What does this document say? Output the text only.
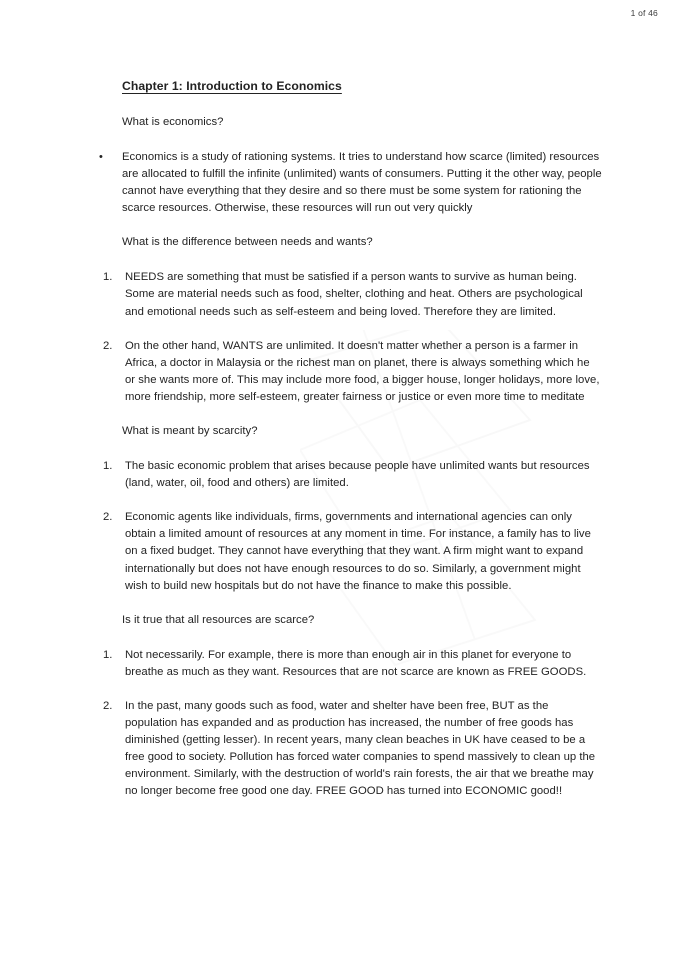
1 of 46
Chapter 1: Introduction to Economics
What is economics?
• Economics is a study of rationing systems. It tries to understand how scarce (limited) resources are allocated to fulfill the infinite (unlimited) wants of consumers. Putting it the other way, people cannot have everything that they desire and so there must be some system for rationing the scarce resources. Otherwise, these resources will run out very quickly
What is the difference between needs and wants?
1. NEEDS are something that must be satisfied if a person wants to survive as human being. Some are material needs such as food, shelter, clothing and heat. Others are psychological and emotional needs such as self-esteem and being loved. Therefore they are limited.
2. On the other hand, WANTS are unlimited. It doesn't matter whether a person is a farmer in Africa, a doctor in Malaysia or the richest man on planet, there is always something which he or she wants more of. This may include more food, a bigger house, longer holidays, more love, more friendship, more self-esteem, greater fairness or justice or even more time to meditate
What is meant by scarcity?
1. The basic economic problem that arises because people have unlimited wants but resources (land, water, oil, food and others) are limited.
2. Economic agents like individuals, firms, governments and international agencies can only obtain a limited amount of resources at any moment in time. For instance, a family has to live on a fixed budget. They cannot have everything that they want. A firm might want to expand internationally but does not have enough resources to do so. Similarly, a government might wish to build new hospitals but do not have the finance to make this possible.
Is it true that all resources are scarce?
1. Not necessarily. For example, there is more than enough air in this planet for everyone to breathe as much as they want. Resources that are not scarce are known as FREE GOODS.
2. In the past, many goods such as food, water and shelter have been free, BUT as the population has expanded and as production has increased, the number of free goods has diminished (getting lesser). In recent years, many clean beaches in UK have ceased to be a free good to society. Pollution has forced water companies to spend massively to clean up the environment. Similarly, with the destruction of world's rain forests, the air that we breathe may no longer become free good one day. FREE GOOD has turned into ECONOMIC good!!
